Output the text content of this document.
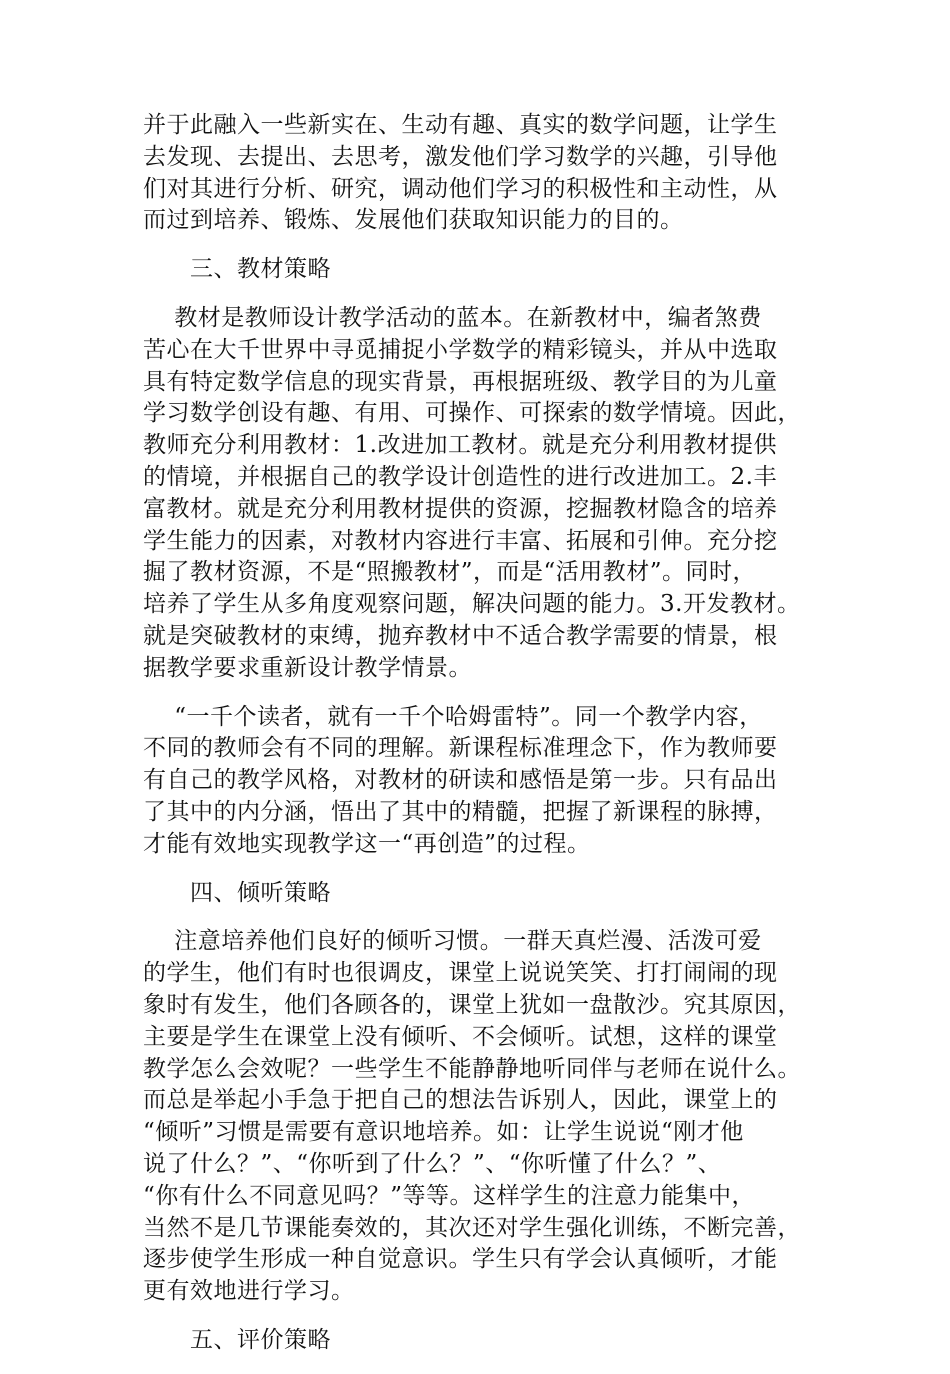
并于此融入一些新实在、生动有趣、真实的数学问题，让学生
去发现、去提出、去思考，激发他们学习数学的兴趣，引导他
们对其进行分析、研究，调动他们学习的积极性和主动性，从
而过到培养、锻炼、发展他们获取知识能力的目的。
三、教材策略
教材是教师设计教学活动的蓝本。在新教材中，编者煞费
苦心在大千世界中寻觅捕捉小学数学的精彩镜头，并从中选取
具有特定数学信息的现实背景，再根据班级、教学目的为儿童
学习数学创设有趣、有用、可操作、可探索的数学情境。因此，
教师充分利用教材：1.改进加工教材。就是充分利用教材提供
的情境，并根据自己的教学设计创造性的进行改进加工。2.丰
富教材。就是充分利用教材提供的资源，挖掘教材隐含的培养
学生能力的因素，对教材内容进行丰富、拓展和引伸。充分挖
掘了教材资源，不是“照搬教材”，而是“活用教材”。同时，
培养了学生从多角度观察问题，解决问题的能力。3.开发教材。
就是突破教材的束缚，抛弃教材中不适合教学需要的情景，根
据教学要求重新设计教学情景。
“一千个读者，就有一千个哈姆雷特”。同一个教学内容，
不同的教师会有不同的理解。新课程标准理念下，作为教师要
有自己的教学风格，对教材的研读和感悟是第一步。只有品出
了其中的内分涵，悟出了其中的精髓，把握了新课程的脉搏，
才能有效地实现教学这一“再创造”的过程。
四、倾听策略
注意培养他们良好的倾听习惯。一群天真烂漫、活泼可爱
的学生，他们有时也很调皮，课堂上说说笑笑、打打闹闹的现
象时有发生，他们各顾各的，课堂上犹如一盘散沙。究其原因，
主要是学生在课堂上没有倾听、不会倾听。试想，这样的课堂
教学怎么会效呢？一些学生不能静静地听同伴与老师在说什么。
而总是举起小手急于把自己的想法告诉别人，因此，课堂上的
“倾听”习惯是需要有意识地培养。如：让学生说说“刚才他
说了什么？”、“你听到了什么？”、“你听懂了什么？”、
“你有什么不同意见吗？”等等。这样学生的注意力能集中，
当然不是几节课能奏效的，其次还对学生强化训练，不断完善，
逐步使学生形成一种自觉意识。学生只有学会认真倾听，才能
更有效地进行学习。
五、评价策略
